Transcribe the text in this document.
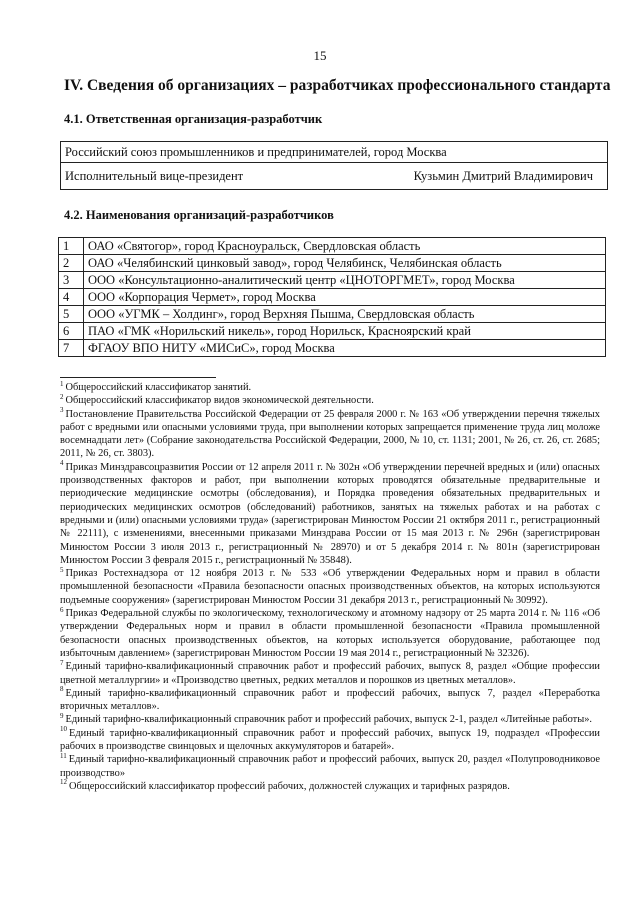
15
IV. Сведения об организациях – разработчиках профессионального стандарта
4.1. Ответственная организация-разработчик
Российский союз промышленников и предпринимателей, город Москва

Исполнительный вице-президент	Кузьмин Дмитрий Владимирович
4.2. Наименования организаций-разработчиков
1	ОАО «Святогор», город Красноуральск, Свердловская область
2	ОАО «Челябинский цинковый завод», город Челябинск, Челябинская область
3	ООО «Консультационно-аналитический центр «ЦНОТОРГМЕТ», город Москва
4	ООО «Корпорация Чермет», город Москва
5	ООО «УГМК – Холдинг», город Верхняя Пышма, Свердловская область
6	ПАО «ГМК «Норильский никель», город Норильск, Красноярский край
7	ФГАОУ ВПО НИТУ «МИСиС», город Москва

$^1$ Общероссийский классификатор занятий.

$^2$ Общероссийский классификатор видов экономической деятельности.

$^3$ Постановление Правительства Российской Федерации от 25 февраля 2000 г. № 163 «Об утверждении перечня тяжелых работ с вредными или опасными условиями труда, при выполнении которых запрещается применение труда лиц моложе восемнадцати лет» (Собрание законодательства Российской Федерации, 2000, № 10, ст. 1131; 2001, № 26, ст. 26, ст. 2685; 2011, № 26, ст. 3803).

$^4$ Приказ Минздравсоцразвития России от 12 апреля 2011 г. № 302н «Об утверждении перечней вредных и (или) опасных производственных факторов и работ, при выполнении которых проводятся обязательные предварительные и периодические медицинские осмотры (обследования), и Порядка проведения обязательных предварительных и периодических медицинских осмотров (обследований) работников, занятых на тяжелых работах и на работах с вредными и (или) опасными условиями труда» (зарегистрирован Минюстом России 21 октября 2011 г., регистрационный № 22111), с изменениями, внесенными приказами Минздрава России от 15 мая 2013 г. № 296н (зарегистрирован Минюстом России 3 июля 2013 г., регистрационный № 28970) и от 5 декабря 2014 г. № 801н (зарегистрирован Минюстом России 3 февраля 2015 г., регистрационный № 35848).

$^5$ Приказ Ростехнадзора от 12 ноября 2013 г. № 533 «Об утверждении Федеральных норм и правил в области промышленной безопасности «Правила безопасности опасных производственных объектов, на которых используются подъемные сооружения» (зарегистрирован Минюстом России 31 декабря 2013 г., регистрационный № 30992).

$^6$ Приказ Федеральной службы по экологическому, технологическому и атомному надзору от 25 марта 2014 г. № 116 «Об утверждении Федеральных норм и правил в области промышленной безопасности «Правила промышленной безопасности опасных производственных объектов, на которых используется оборудование, работающее под избыточным давлением» (зарегистрирован Минюстом России 19 мая 2014 г., регистрационный № 32326).

$^7$ Единый тарифно-квалификационный справочник работ и профессий рабочих, выпуск 8, раздел «Общие профессии цветной металлургии» и «Производство цветных, редких металлов и порошков из цветных металлов».

$^8$ Единый тарифно-квалификационный справочник работ и профессий рабочих, выпуск 7, раздел «Переработка вторичных металлов».

$^9$ Единый тарифно-квалификационный справочник работ и профессий рабочих, выпуск 2-1, раздел «Литейные работы».

$^{10}$ Единый тарифно-квалификационный справочник работ и профессий рабочих, выпуск 19, подраздел «Профессии рабочих в производстве свинцовых и щелочных аккумуляторов и батарей».

$^{11}$ Единый тарифно-квалификационный справочник работ и профессий рабочих, выпуск 20, раздел «Полупроводниковое производство»

$^{12}$ Общероссийский классификатор профессий рабочих, должностей служащих и тарифных разрядов.
